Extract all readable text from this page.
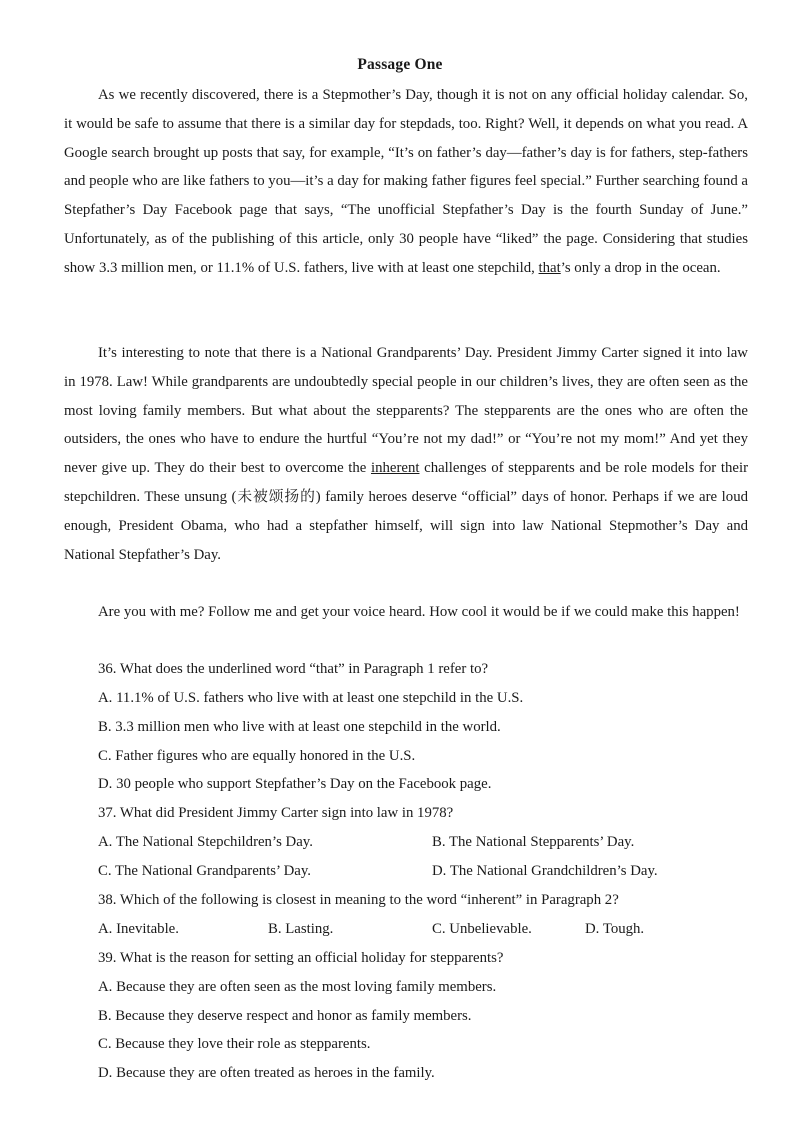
Passage One

As we recently discovered, there is a Stepmother’s Day, though it is not on any official holiday calendar. So, it would be safe to assume that there is a similar day for stepdads, too. Right? Well, it depends on what you read. A Google search brought up posts that say, for example, “It’s on father’s day—father’s day is for fathers, step-fathers and people who are like fathers to you—it’s a day for making father figures feel special.” Further searching found a Stepfather’s Day Facebook page that says, “The unofficial Stepfather’s Day is the fourth Sunday of June.” Unfortunately, as of the publishing of this article, only 30 people have “liked” the page. Considering that studies show 3.3 million men, or 11.1% of U.S. fathers, live with at least one stepchild, that’s only a drop in the ocean.

It’s interesting to note that there is a National Grandparents’ Day. President Jimmy Carter signed it into law in 1978. Law! While grandparents are undoubtedly special people in our children’s lives, they are often seen as the most loving family members. But what about the stepparents? The stepparents are the ones who are often the outsiders, the ones who have to endure the hurtful “You’re not my dad!” or “You’re not my mom!” And yet they never give up. They do their best to overcome the inherent challenges of stepparents and be role models for their stepchildren. These unsung (未被颂扬的) family heroes deserve “official” days of honor. Perhaps if we are loud enough, President Obama, who had a stepfather himself, will sign into law National Stepmother’s Day and National Stepfather’s Day.

Are you with me? Follow me and get your voice heard. How cool it would be if we could make this happen!

36. What does the underlined word “that” in Paragraph 1 refer to?
A. 11.1% of U.S. fathers who live with at least one stepchild in the U.S.
B. 3.3 million men who live with at least one stepchild in the world.
C. Father figures who are equally honored in the U.S.
D. 30 people who support Stepfather’s Day on the Facebook page.
37. What did President Jimmy Carter sign into law in 1978?
A. The National Stepchildren’s Day.	B. The National Stepparents’ Day.
C. The National Grandparents’ Day.	D. The National Grandchildren’s Day.
38. Which of the following is closest in meaning to the word “inherent” in Paragraph 2?
A. Inevitable.	B. Lasting.	C. Unbelievable.	D. Tough.
39. What is the reason for setting an official holiday for stepparents?
A. Because they are often seen as the most loving family members.
B. Because they deserve respect and honor as family members.
C. Because they love their role as stepparents.
D. Because they are often treated as heroes in the family.
